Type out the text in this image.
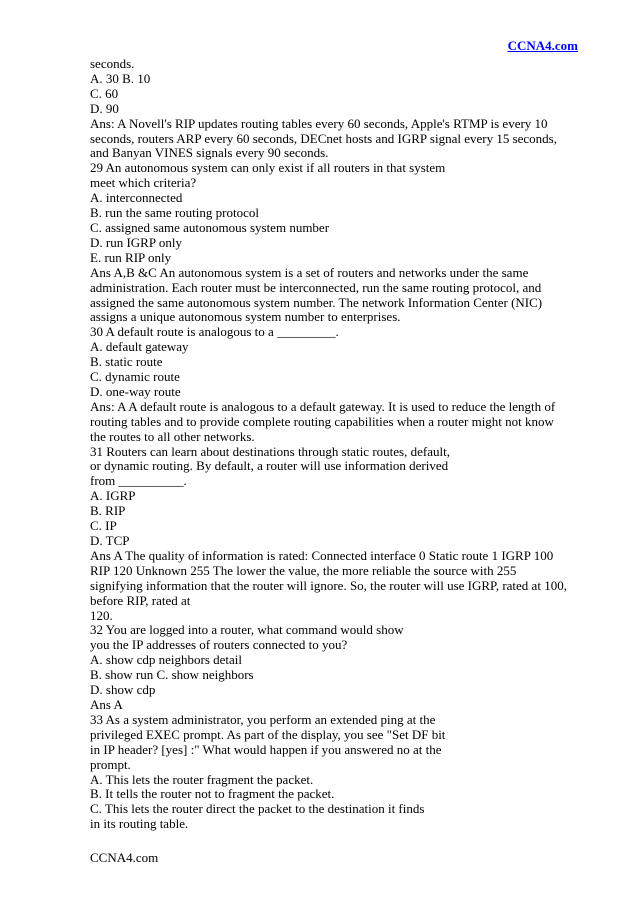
CCNA4.com
seconds.
A. 30 B. 10
C. 60
D. 90
Ans: A Novell's RIP updates routing tables every 60 seconds, Apple's RTMP is every 10
seconds, routers ARP every 60 seconds, DECnet hosts and IGRP signal every 15 seconds,
and Banyan VINES signals every 90 seconds.
29 An autonomous system can only exist if all routers in that system
meet which criteria?
A. interconnected
B. run the same routing protocol
C. assigned same autonomous system number
D. run IGRP only
E. run RIP only
Ans A,B &C An autonomous system is a set of routers and networks under the same
administration. Each router must be interconnected, run the same routing protocol, and
assigned the same autonomous system number. The network Information Center (NIC)
assigns a unique autonomous system number to enterprises.
30 A default route is analogous to a _________.
A. default gateway
B. static route
C. dynamic route
D. one-way route
Ans: A A default route is analogous to a default gateway. It is used to reduce the length of
routing tables and to provide complete routing capabilities when a router might not know
the routes to all other networks.
31 Routers can learn about destinations through static routes, default,
or dynamic routing. By default, a router will use information derived
from __________.
A. IGRP
B. RIP
C. IP
D. TCP
Ans A The quality of information is rated: Connected interface 0 Static route 1 IGRP 100
RIP 120 Unknown 255 The lower the value, the more reliable the source with 255
signifying information that the router will ignore. So, the router will use IGRP, rated at 100,
before RIP, rated at
120.
32 You are logged into a router, what command would show
you the IP addresses of routers connected to you?
A. show cdp neighbors detail
B. show run C. show neighbors
D. show cdp
Ans A
33 As a system administrator, you perform an extended ping at the
privileged EXEC prompt. As part of the display, you see "Set DF bit
in IP header? [yes] :" What would happen if you answered no at the
prompt.
A. This lets the router fragment the packet.
B. It tells the router not to fragment the packet.
C. This lets the router direct the packet to the destination it finds
in its routing table.
CCNA4.com
